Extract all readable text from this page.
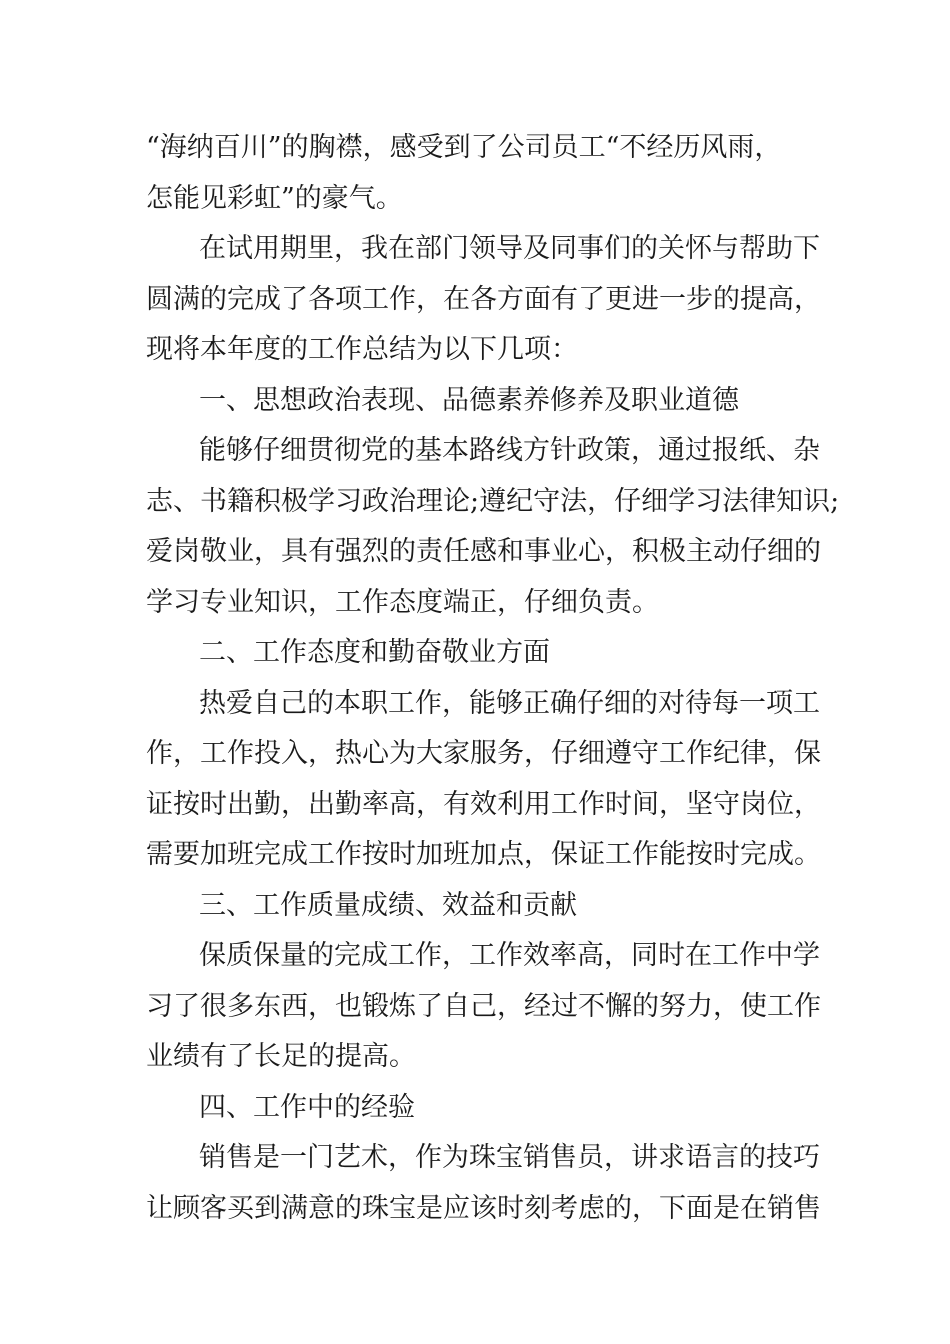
“海纳百川”的胸襟，感受到了公司员工“不经历风雨，
怎能见彩虹”的豪气。
在试用期里，我在部门领导及同事们的关怀与帮助下
圆满的完成了各项工作，在各方面有了更进一步的提高，
现将本年度的工作总结为以下几项：
一、思想政治表现、品德素养修养及职业道德
能够仔细贯彻党的基本路线方针政策，通过报纸、杂
志、书籍积极学习政治理论;遵纪守法，仔细学习法律知识;
爱岗敬业，具有强烈的责任感和事业心，积极主动仔细的
学习专业知识，工作态度端正，仔细负责。
二、工作态度和勤奋敬业方面
热爱自己的本职工作，能够正确仔细的对待每一项工
作，工作投入，热心为大家服务，仔细遵守工作纪律，保
证按时出勤，出勤率高，有效利用工作时间，坚守岗位，
需要加班完成工作按时加班加点，保证工作能按时完成。
三、工作质量成绩、效益和贡献
保质保量的完成工作，工作效率高，同时在工作中学
习了很多东西，也锻炼了自己，经过不懈的努力，使工作
业绩有了长足的提高。
四、工作中的经验
销售是一门艺术，作为珠宝销售员，讲求语言的技巧
让顾客买到满意的珠宝是应该时刻考虑的，下面是在销售
